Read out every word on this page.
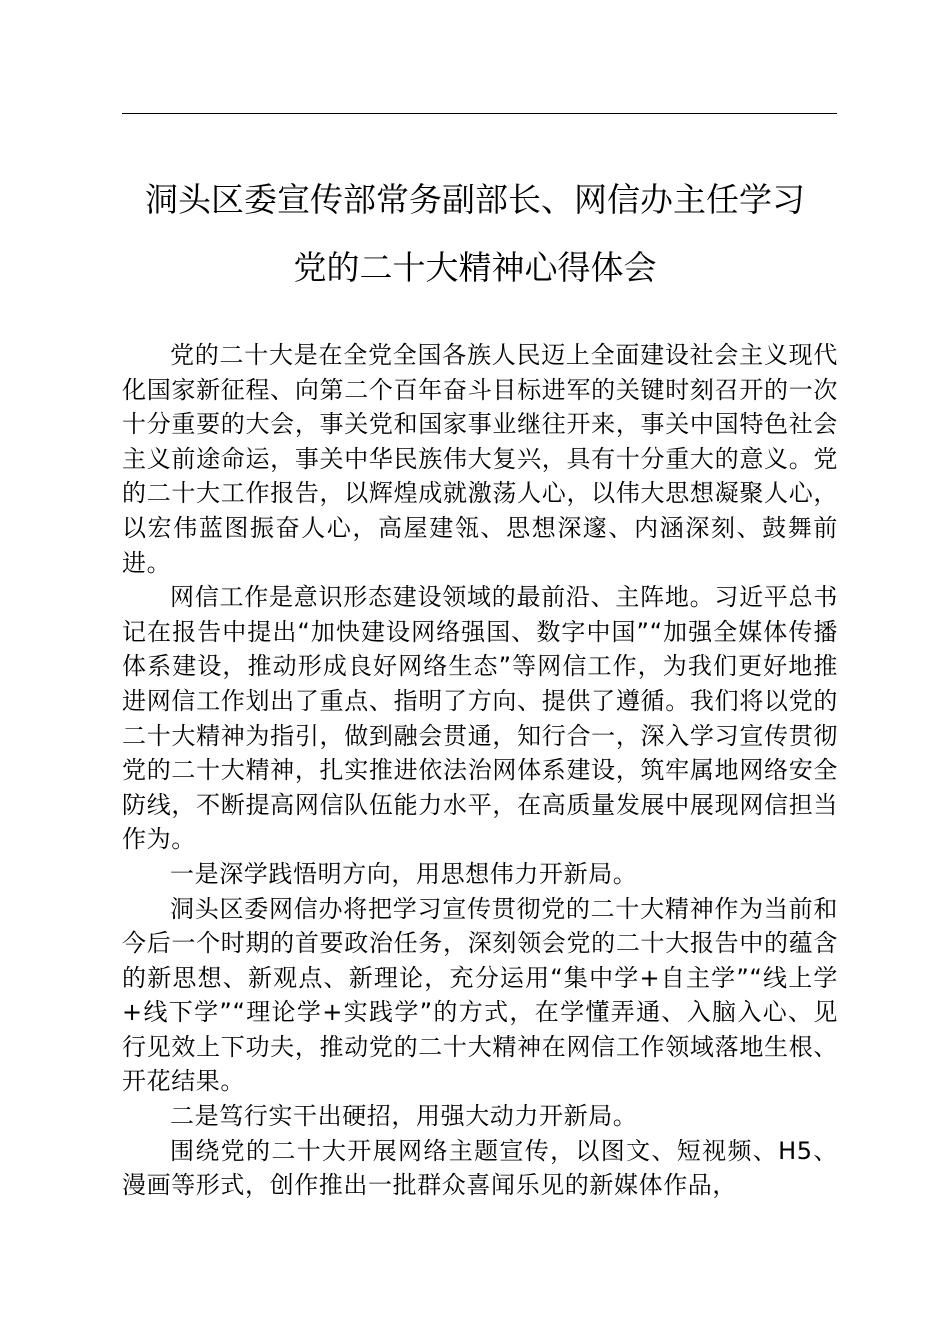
洞头区委宣传部常务副部长、网信办主任学习
党的二十大精神心得体会

党的二十大是在全党全国各族人民迈上全面建设社会主义现代化国家新征程、向第二个百年奋斗目标进军的关键时刻召开的一次十分重要的大会，事关党和国家事业继往开来，事关中国特色社会主义前途命运，事关中华民族伟大复兴，具有十分重大的意义。党的二十大工作报告，以辉煌成就激荡人心，以伟大思想凝聚人心，以宏伟蓝图振奋人心，高屋建瓴、思想深邃、内涵深刻、鼓舞前进。

网信工作是意识形态建设领域的最前沿、主阵地。习近平总书记在报告中提出“加快建设网络强国、数字中国”“加强全媒体传播体系建设，推动形成良好网络生态”等网信工作，为我们更好地推进网信工作划出了重点、指明了方向、提供了遵循。我们将以党的二十大精神为指引，做到融会贯通，知行合一，深入学习宣传贯彻党的二十大精神，扎实推进依法治网体系建设，筑牢属地网络安全防线，不断提高网信队伍能力水平，在高质量发展中展现网信担当作为。

一是深学践悟明方向，用思想伟力开新局。

洞头区委网信办将把学习宣传贯彻党的二十大精神作为当前和今后一个时期的首要政治任务，深刻领会党的二十大报告中的蕴含的新思想、新观点、新理论，充分运用“集中学+自主学”“线上学+线下学”“理论学+实践学”的方式，在学懂弄通、入脑入心、见行见效上下功夫，推动党的二十大精神在网信工作领域落地生根、开花结果。

二是笃行实干出硬招，用强大动力开新局。

围绕党的二十大开展网络主题宣传，以图文、短视频、H5、漫画等形式，创作推出一批群众喜闻乐见的新媒体作品，
